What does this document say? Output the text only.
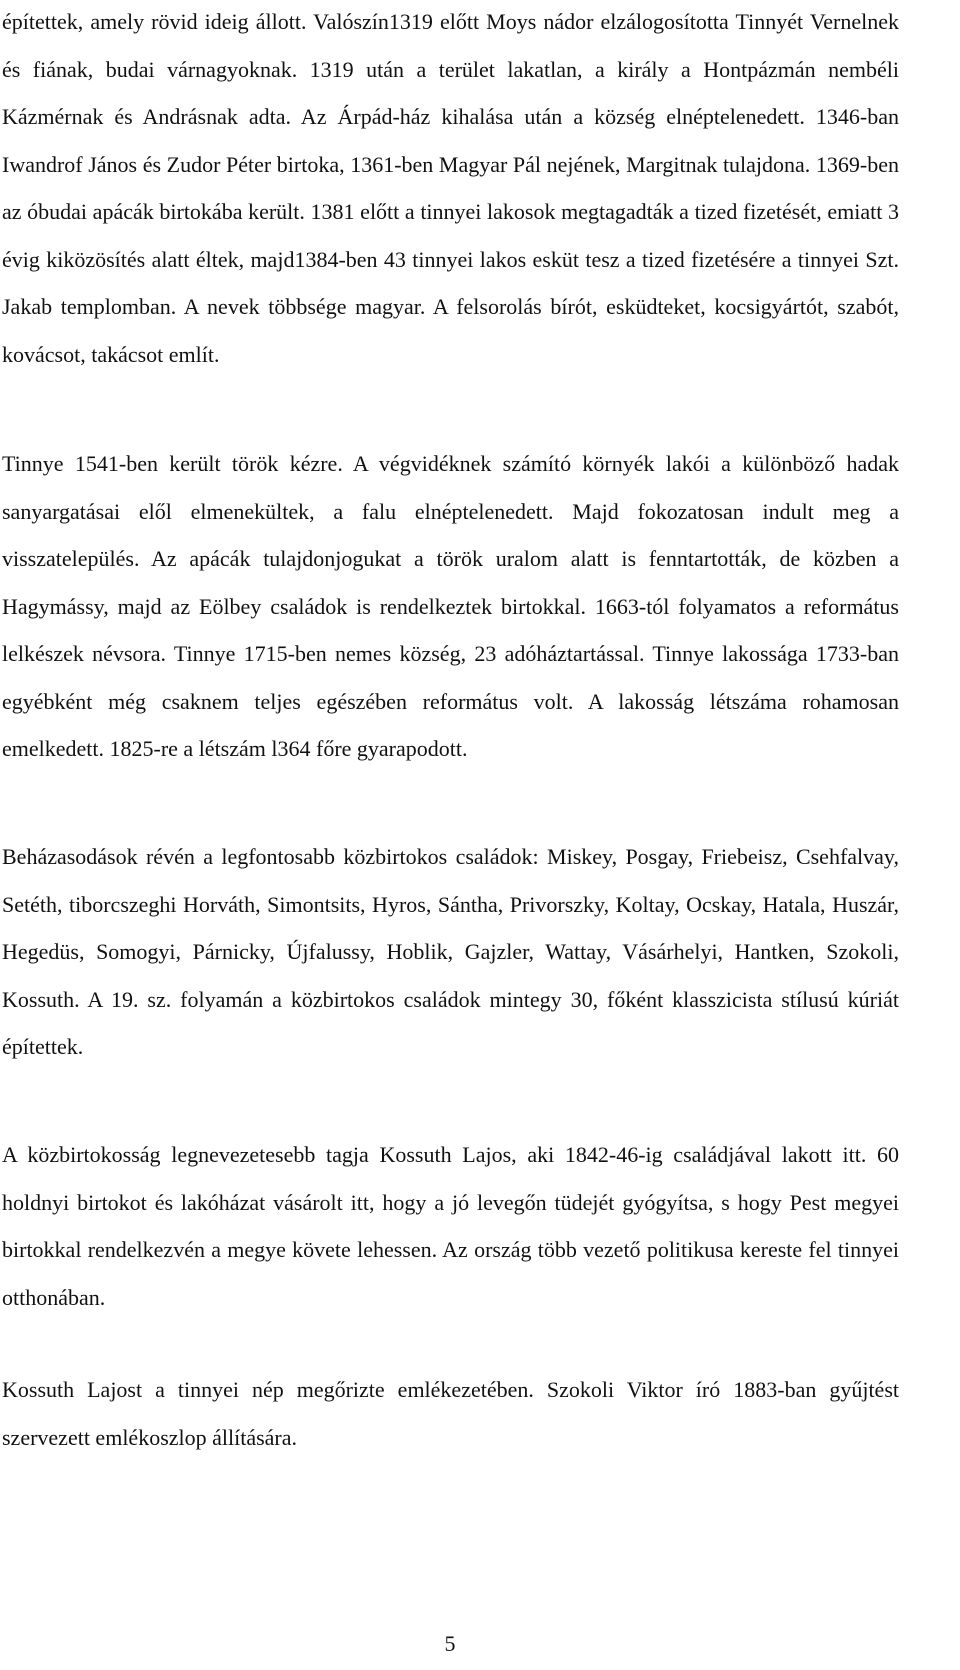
építettek, amely rövid ideig állott. Valószín1319 előtt Moys nádor elzálogosította Tinnyét Vernelnek és fiának, budai várnagyoknak. 1319 után a terület lakatlan, a király a Hontpázmán nembéli Kázmérnak és Andrásnak adta. Az Árpád-ház kihalása után a község elnéptelenedett. 1346-ban Iwandrof János és Zudor Péter birtoka, 1361-ben Magyar Pál nejének, Margitnak tulajdona. 1369-ben az óbudai apácák birtokába került. 1381 előtt a tinnyei lakosok megtagadták a tized fizetését, emiatt 3 évig kiközösítés alatt éltek, majd1384-ben 43 tinnyei lakos esküt tesz a tized fizetésére a tinnyei Szt. Jakab templomban. A nevek többsége magyar. A felsorolás bírót, esküdteket, kocsigyártót, szabót, kovácsot, takácsot említ.

Tinnye 1541-ben került török kézre. A végvidéknek számító környék lakói a különböző hadak sanyargatásai elől elmenekültek, a falu elnéptelenedett. Majd fokozatosan indult meg a visszatelepülés. Az apácák tulajdonjogukat a török uralom alatt is fenntartották, de közben a Hagymássy, majd az Eölbey családok is rendelkeztek birtokkal. 1663-tól folyamatos a református lelkészek névsora. Tinnye 1715-ben nemes község, 23 adóháztartással. Tinnye lakossága 1733-ban egyébként még csaknem teljes egészében református volt. A lakosság létszáma rohamosan emelkedett. 1825-re a létszám l364 főre gyarapodott.

Beházasodások révén a legfontosabb közbirtokos családok: Miskey, Posgay, Friebeisz, Csehfalvay, Setéth, tiborcszeghi Horváth, Simontsits, Hyros, Sántha, Privorszky, Koltay, Ocskay, Hatala, Huszár, Hegedüs, Somogyi, Párnicky, Újfalussy, Hoblik, Gajzler, Wattay, Vásárhelyi, Hantken, Szokoli, Kossuth. A 19. sz. folyamán a közbirtokos családok mintegy 30, főként klasszicista stílusú kúriát építettek.

A közbirtokosság legnevezetesebb tagja Kossuth Lajos, aki 1842-46-ig családjával lakott itt. 60 holdnyi birtokot és lakóházat vásárolt itt, hogy a jó levegőn tüdejét gyógyítsa, s hogy Pest megyei birtokkal rendelkezvén a megye követe lehessen. Az ország több vezető politikusa kereste fel tinnyei otthonában.

Kossuth Lajost a tinnyei nép megőrizte emlékezetében. Szokoli Viktor író 1883-ban gyűjtést szervezett emlékoszlop állítására.

5
